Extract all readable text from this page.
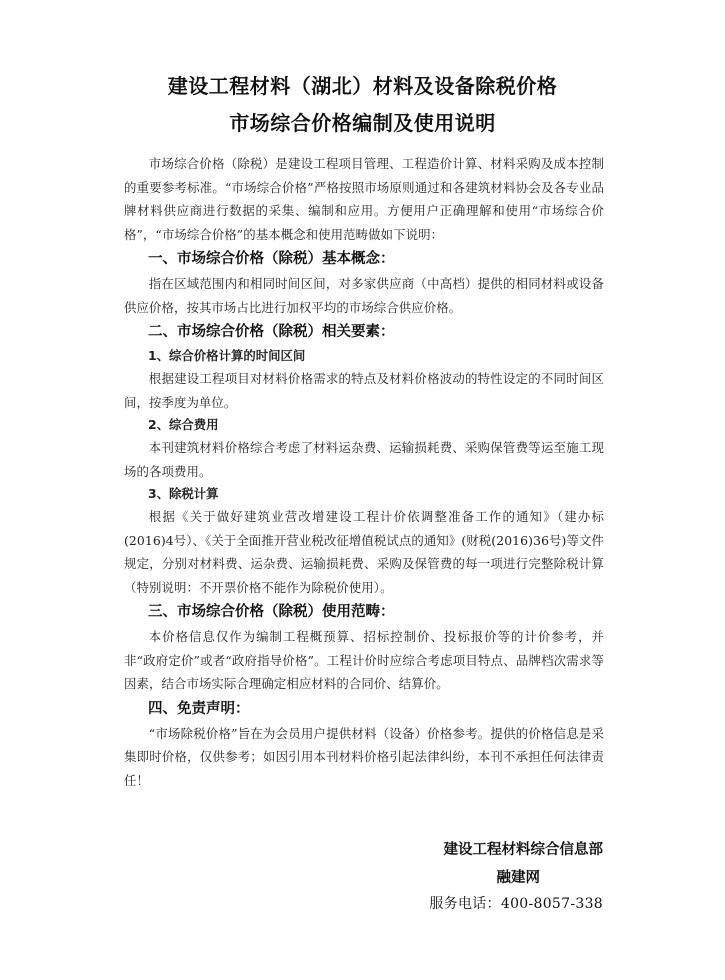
建设工程材料（湖北）材料及设备除税价格
市场综合价格编制及使用说明

市场综合价格（除税）是建设工程项目管理、工程造价计算、材料采购及成本控制的重要参考标准。“市场综合价格”严格按照市场原则通过和各建筑材料协会及各专业品牌材料供应商进行数据的采集、编制和应用。方便用户正确理解和使用“市场综合价格”，“市场综合价格”的基本概念和使用范畴做如下说明：

一、市场综合价格（除税）基本概念：

指在区域范围内和相同时间区间，对多家供应商（中高档）提供的相同材料或设备供应价格，按其市场占比进行加权平均的市场综合供应价格。

二、市场综合价格（除税）相关要素：
1、综合价格计算的时间区间

根据建设工程项目对材料价格需求的特点及材料价格波动的特性设定的不同时间区间，按季度为单位。

2、综合费用

本刊建筑材料价格综合考虑了材料运杂费、运输损耗费、采购保管费等运至施工现场的各项费用。

3、除税计算

根据《关于做好建筑业营改增建设工程计价依调整准备工作的通知》（建办标(2016)4号）、《关于全面推开营业税改征增值税试点的通知》(财税(2016)36号)等文件规定，分别对材料费、运杂费、运输损耗费、采购及保管费的每一项进行完整除税计算（特别说明：不开票价格不能作为除税价使用）。

三、市场综合价格（除税）使用范畴：

本价格信息仅作为编制工程概预算、招标控制价、投标报价等的计价参考，并非“政府定价”或者“政府指导价格”。工程计价时应综合考虑项目特点、品牌档次需求等因素，结合市场实际合理确定相应材料的合同价、结算价。

四、免责声明：

“市场除税价格”旨在为会员用户提供材料（设备）价格参考。提供的价格信息是采集即时价格，仅供参考；如因引用本刊材料价格引起法律纠纷，本刊不承担任何法律责任！

建设工程材料综合信息部
融建网
服务电话：400-8057-338
